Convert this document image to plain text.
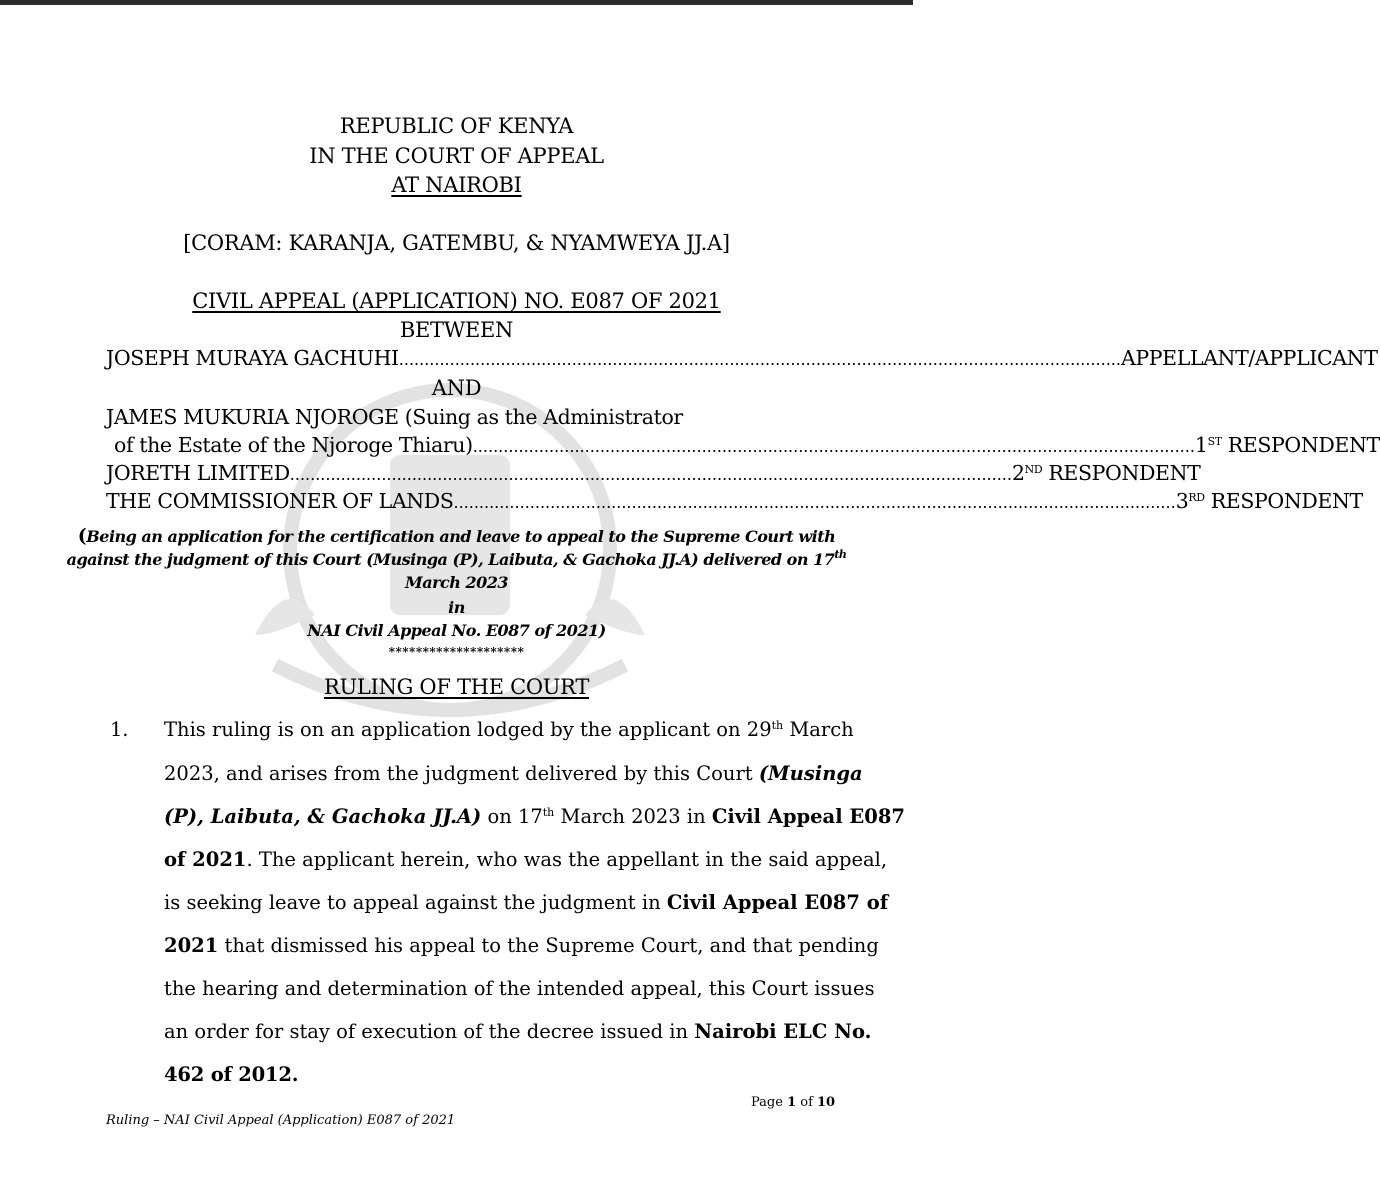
REPUBLIC OF KENYA
IN THE COURT OF APPEAL
AT NAIROBI
[CORAM: KARANJA, GATEMBU, & NYAMWEYA JJ.A]
CIVIL APPEAL (APPLICATION) NO. E087 OF 2021
BETWEEN
JOSEPH MURAYA GACHUHI .............................................................................................................................................. APPELLANT/APPLICANT
AND
JAMES MUKURIA NJOROGE (Suing as the Administrator
of the Estate of the Njoroge Thiaru) .............................................................................................................................................. 1ST RESPONDENT
JORETH LIMITED .............................................................................................................................................. 2ND RESPONDENT
THE COMMISSIONER OF LANDS .............................................................................................................................................. 3RD RESPONDENT
(Being an application for the certification and leave to appeal to the Supreme Court with
against the judgment of this Court (Musinga (P), Laibuta, & Gachoka JJ.A) delivered on 17th
March 2023
in
NAI Civil Appeal No. E087 of 2021)
********************
RULING OF THE COURT
1. This ruling is on an application lodged by the applicant on 29th March
2023, and arises from the judgment delivered by this Court (Musinga
(P), Laibuta, & Gachoka JJ.A) on 17th March 2023 in Civil Appeal E087
of 2021. The applicant herein, who was the appellant in the said appeal,
is seeking leave to appeal against the judgment in Civil Appeal E087 of
2021 that dismissed his appeal to the Supreme Court, and that pending
the hearing and determination of the intended appeal, this Court issues
an order for stay of execution of the decree issued in Nairobi ELC No.
462 of 2012.
Page 1 of 10
Ruling – NAI Civil Appeal (Application) E087 of 2021
